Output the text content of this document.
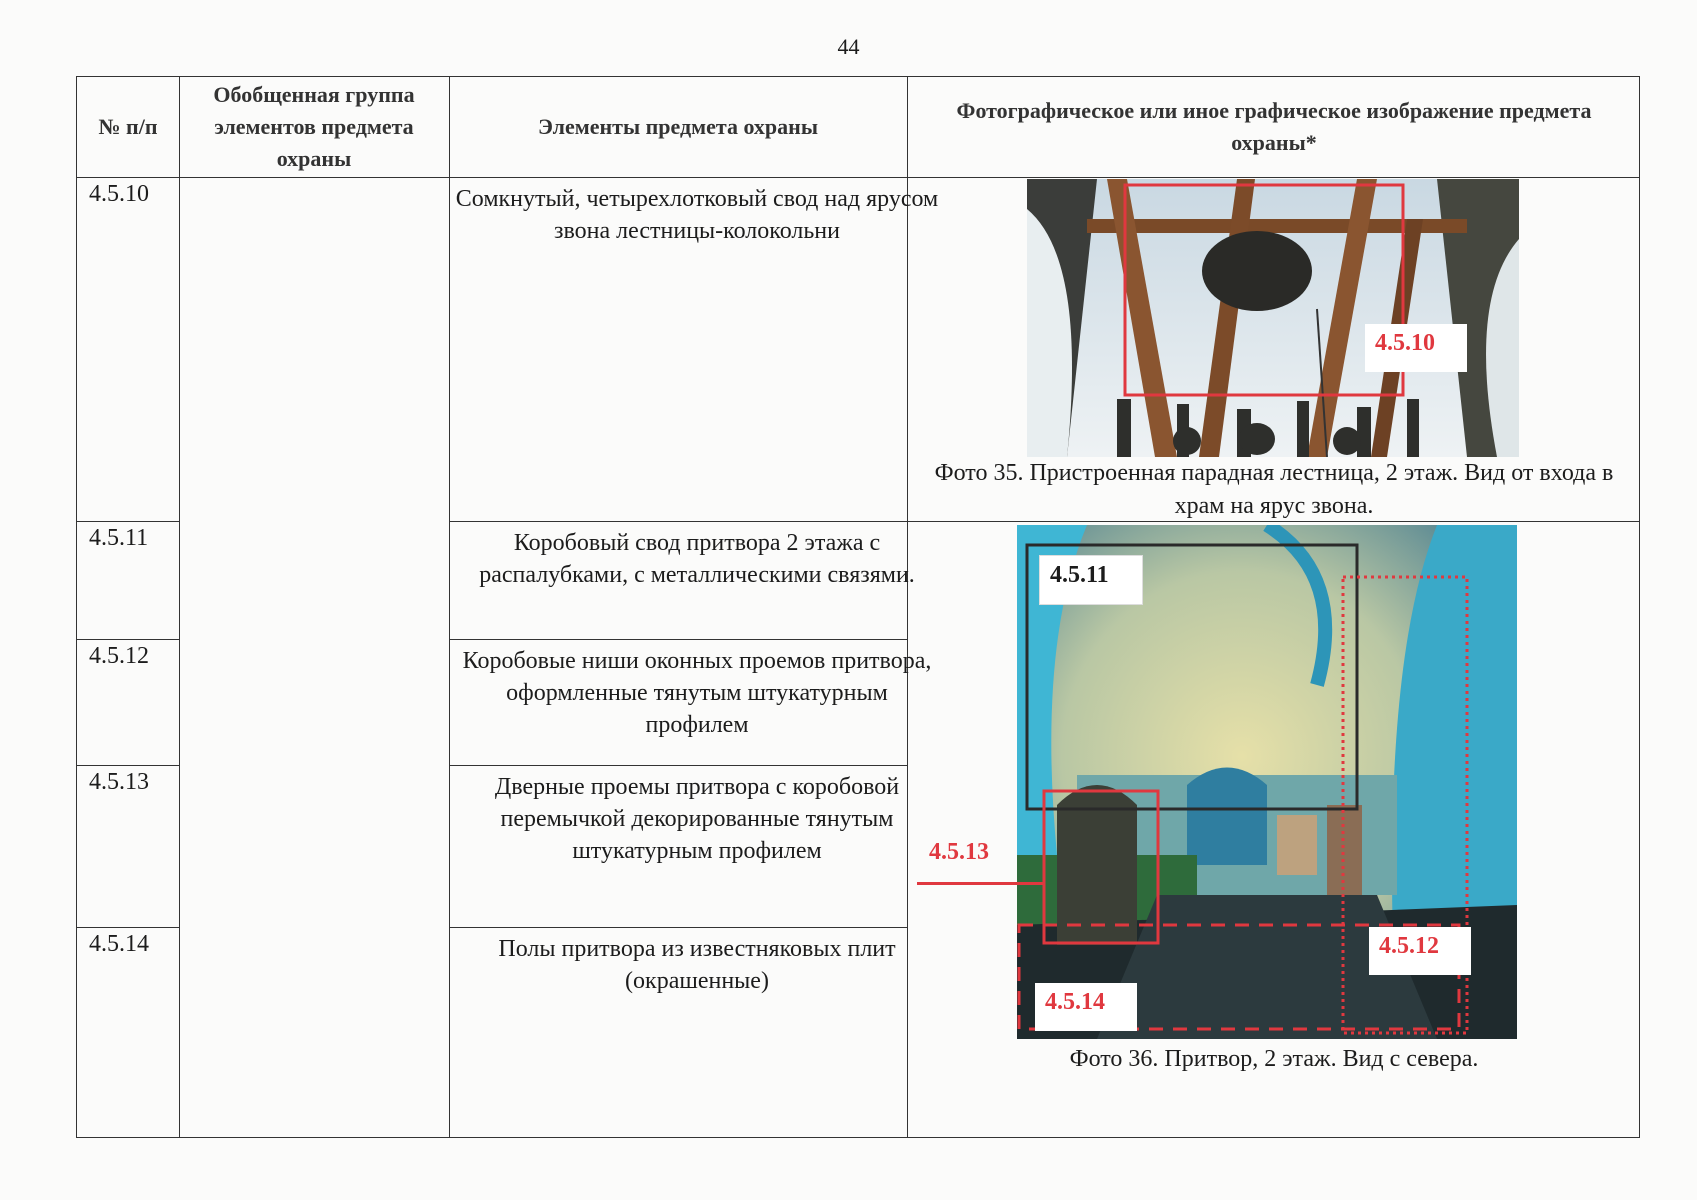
44
№ п/п
Обобщенная группа элементов предмета охраны
Элементы предмета охраны
Фотографическое или иное графическое изображение предмета охраны*
4.5.10
4.5.11
4.5.12
4.5.13
4.5.14
Сомкнутый, четырехлотковый свод над ярусом звона лестницы-колокольни
Коробовый свод притвора 2 этажа с распалубками, с металлическими связями.
Коробовые ниши оконных проемов притвора, оформленные тянутым штукатурным профилем
Дверные проемы притвора с коробовой перемычкой декорированные тянутым штукатурным профилем
Полы притвора из известняковых плит (окрашенные)
4.5.10
Фото 35. Пристроенная парадная лестница, 2 этаж. Вид от входа в храм на ярус звона.
4.5.11
4.5.13
4.5.12
4.5.14
Фото 36. Притвор, 2 этаж. Вид с севера.
